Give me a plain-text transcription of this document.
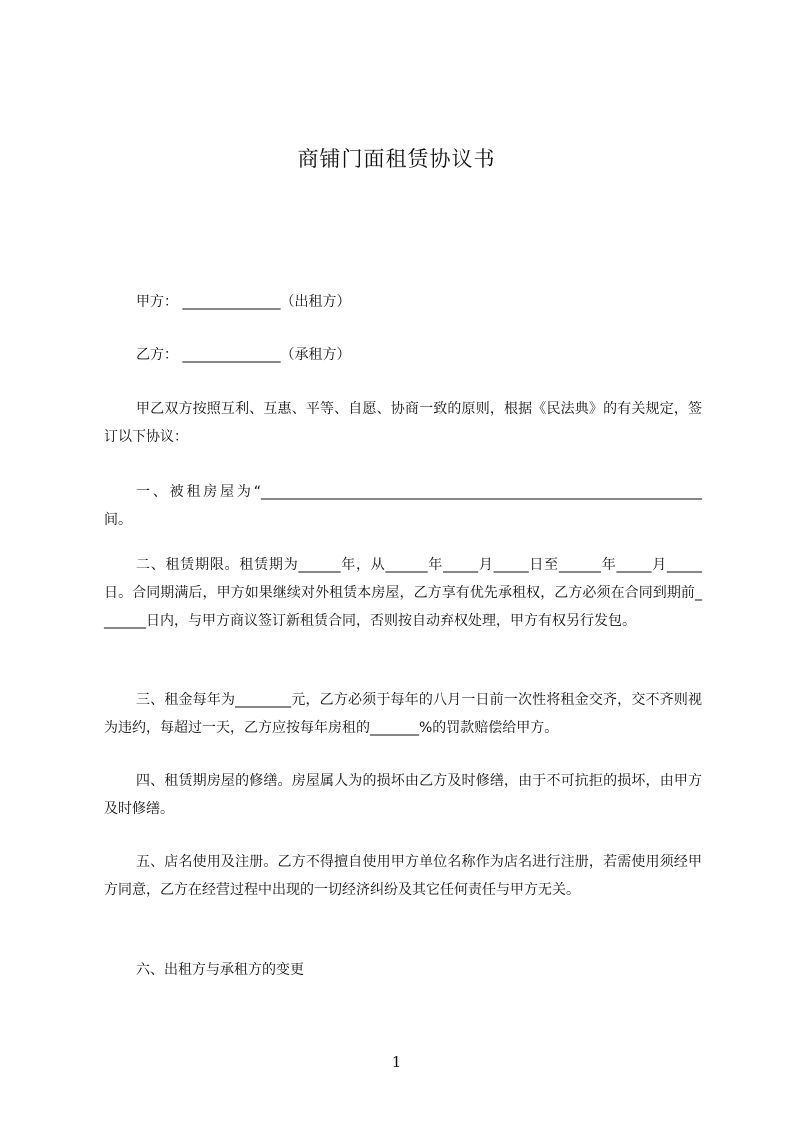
商铺门面租赁协议书

甲方： ______________（出租方）

乙方： ______________（承租方）

甲乙双方按照互利、互惠、平等、自愿、协商一致的原则，根据《民法典》的有关规定，签订以下协议：

一、被租房屋为“_______________________________________________________________间。

二、租赁期限。租赁期为______年，从______年_____月_____日至______年_____月_____日。合同期满后，甲方如果继续对外租赁本房屋，乙方享有优先承租权，乙方必须在合同到期前_______日内，与甲方商议签订新租赁合同，否则按自动弃权处理，甲方有权另行发包。

三、租金每年为________元，乙方必须于每年的八月一日前一次性将租金交齐，交不齐则视为违约，每超过一天，乙方应按每年房租的_______%的罚款赔偿给甲方。

四、租赁期房屋的修缮。房屋属人为的损坏由乙方及时修缮，由于不可抗拒的损坏，由甲方及时修缮。

五、店名使用及注册。乙方不得擅自使用甲方单位名称作为店名进行注册，若需使用须经甲方同意，乙方在经营过程中出现的一切经济纠纷及其它任何责任与甲方无关。

六、出租方与承租方的变更

1
